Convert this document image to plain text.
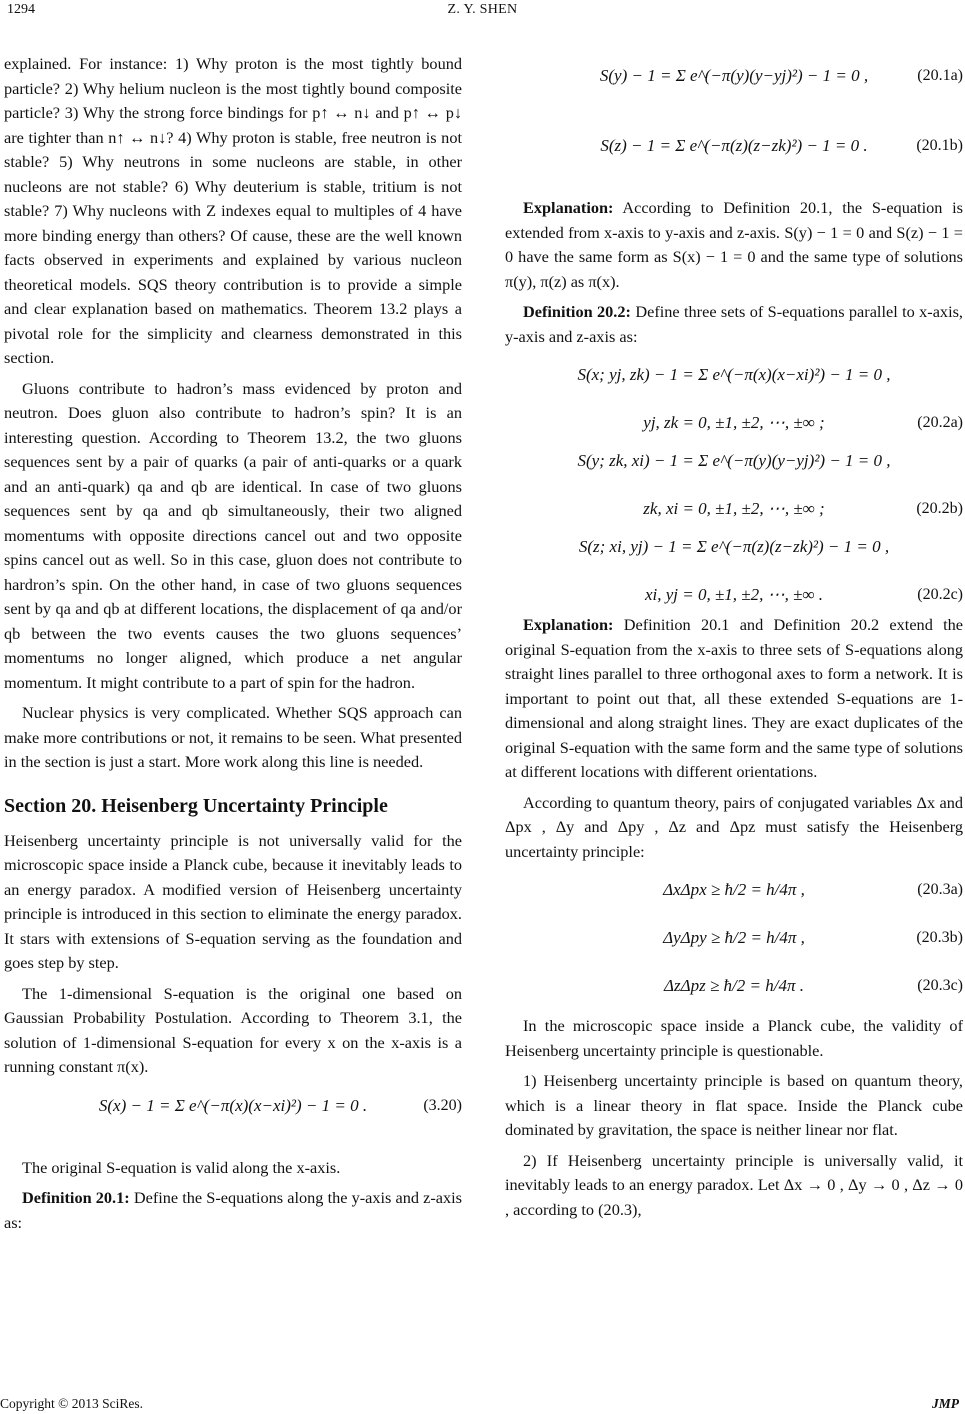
1294	Z. Y. SHEN

explained. For instance: 1) Why proton is the most tightly bound particle? 2) Why helium nucleon is the most tightly bound composite particle? 3) Why the strong force bindings for p↑ ↔ n↓ and p↑ ↔ p↓ are tighter than n↑ ↔ n↓? 4) Why proton is stable, free neutron is not stable? 5) Why neutrons in some nucleons are stable, in other nucleons are not stable? 6) Why deuterium is stable, tritium is not stable? 7) Why nucleons with Z indexes equal to multiples of 4 have more binding energy than others? Of cause, these are the well known facts observed in experiments and explained by various nucleon theoretical models. SQS theory contribution is to provide a simple and clear explanation based on mathematics. Theorem 13.2 plays a pivotal role for the simplicity and clearness demonstrated in this section.

Gluons contribute to hadron’s mass evidenced by proton and neutron. Does gluon also contribute to hadron’s spin? It is an interesting question. According to Theorem 13.2, the two gluons sequences sent by a pair of quarks (a pair of anti-quarks or a quark and an anti-quark) qa and qb are identical. In case of two gluons sequences sent by qa and qb simultaneously, their two aligned momentums with opposite directions cancel out and two opposite spins cancel out as well. So in this case, gluon does not contribute to hardron’s spin. On the other hand, in case of two gluons sequences sent by qa and qb at different locations, the displacement of qa and/or qb between the two events causes the two gluons sequences’ momentums no longer aligned, which produce a net angular momentum. It might contribute to a part of spin for the hadron.

Nuclear physics is very complicated. Whether SQS approach can make more contributions or not, it remains to be seen. What presented in the section is just a start. More work along this line is needed.

Section 20. Heisenberg Uncertainty Principle

Heisenberg uncertainty principle is not universally valid for the microscopic space inside a Planck cube, because it inevitably leads to an energy paradox. A modified version of Heisenberg uncertainty principle is introduced in this section to eliminate the energy paradox. It stars with extensions of S-equation serving as the foundation and goes step by step.

The 1-dimensional S-equation is the original one based on Gaussian Probability Postulation. According to Theorem 3.1, the solution of 1-dimensional S-equation for every x on the x-axis is a running constant π(x).

S(x) − 1 = Σ e^(−π(x)(x−xi)²) − 1 = 0 .	(3.20)

The original S-equation is valid along the x-axis.

Definition 20.1: Define the S-equations along the y-axis and z-axis as:

S(y) − 1 = Σ e^(−π(y)(y−yj)²) − 1 = 0 ,	(20.1a)
S(z) − 1 = Σ e^(−π(z)(z−zk)²) − 1 = 0 .	(20.1b)

Explanation: According to Definition 20.1, the S-equation is extended from x-axis to y-axis and z-axis. S(y) − 1 = 0 and S(z) − 1 = 0 have the same form as S(x) − 1 = 0 and the same type of solutions π(y), π(z) as π(x).

Definition 20.2: Define three sets of S-equations parallel to x-axis, y-axis and z-axis as:

S(x; yj, zk) − 1 = Σ e^(−π(x)(x−xi)²) − 1 = 0 ,
yj, zk = 0, ±1, ±2, ⋯, ±∞ ;	(20.2a)
S(y; zk, xi) − 1 = Σ e^(−π(y)(y−yj)²) − 1 = 0 ,
zk, xi = 0, ±1, ±2, ⋯, ±∞ ;	(20.2b)
S(z; xi, yj) − 1 = Σ e^(−π(z)(z−zk)²) − 1 = 0 ,
xi, yj = 0, ±1, ±2, ⋯, ±∞ .	(20.2c)

Explanation: Definition 20.1 and Definition 20.2 extend the original S-equation from the x-axis to three sets of S-equations along straight lines parallel to three orthogonal axes to form a network. It is important to point out that, all these extended S-equations are 1-dimensional and along straight lines. They are exact duplicates of the original S-equation with the same form and the same type of solutions at different locations with different orientations.

According to quantum theory, pairs of conjugated variables Δx and Δpx , Δy and Δpy , Δz and Δpz must satisfy the Heisenberg uncertainty principle:

ΔxΔpx ≥ ħ/2 = h/4π ,	(20.3a)
ΔyΔpy ≥ ħ/2 = h/4π ,	(20.3b)
ΔzΔpz ≥ ħ/2 = h/4π .	(20.3c)

In the microscopic space inside a Planck cube, the validity of Heisenberg uncertainty principle is questionable.

1) Heisenberg uncertainty principle is based on quantum theory, which is a linear theory in flat space. Inside the Planck cube dominated by gravitation, the space is neither linear nor flat.

2) If Heisenberg uncertainty principle is universally valid, it inevitably leads to an energy paradox. Let Δx → 0 , Δy → 0 , Δz → 0 , according to (20.3),

Copyright © 2013 SciRes.	JMP
